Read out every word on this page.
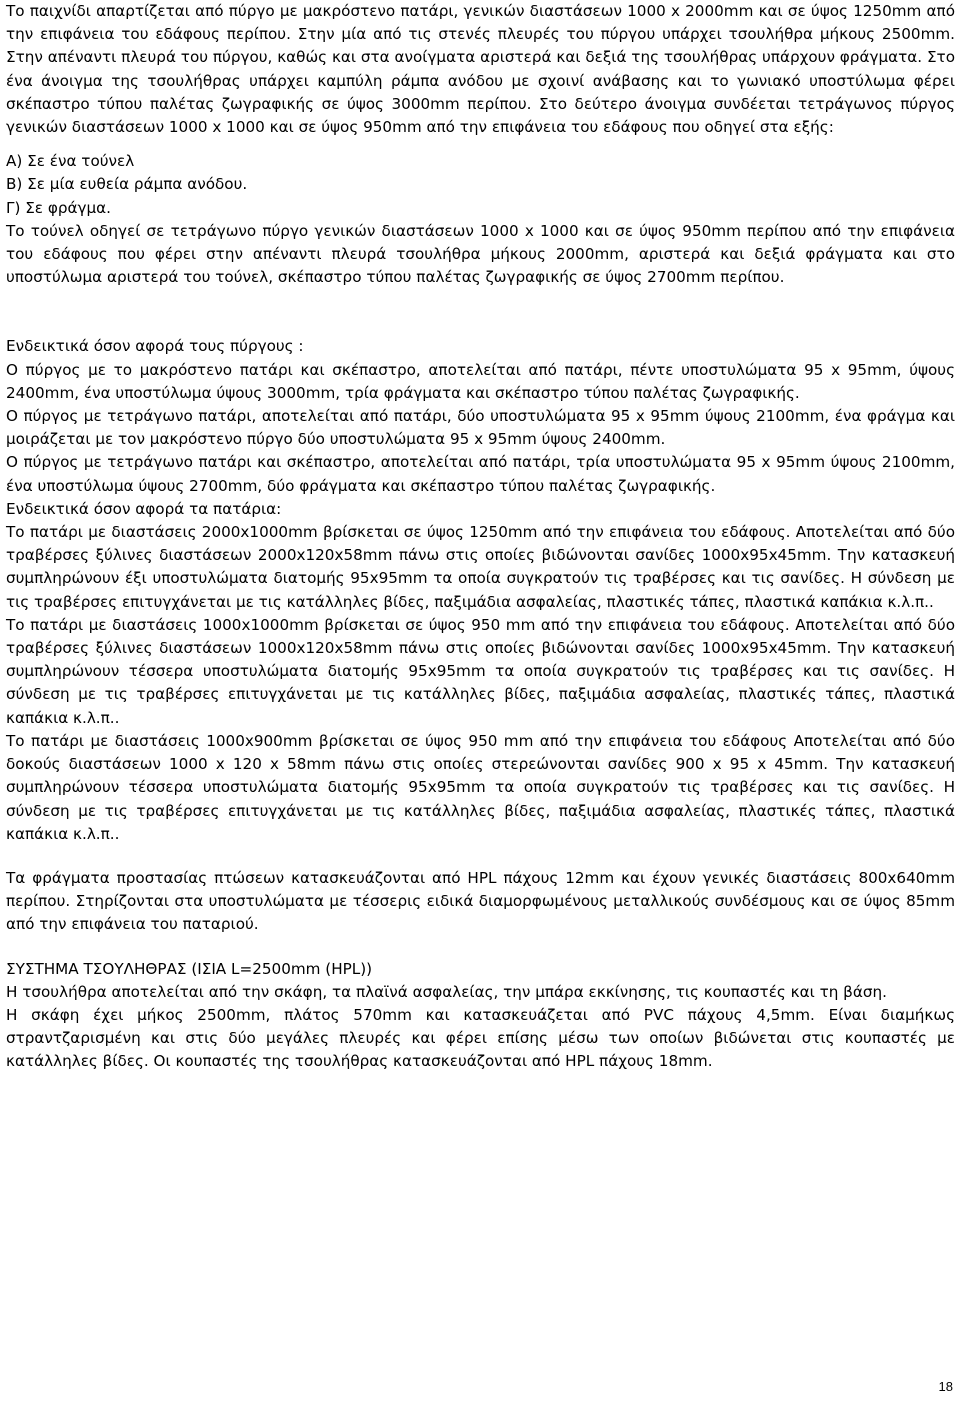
Το παιχνίδι απαρτίζεται από πύργο με μακρόστενο πατάρι, γενικών διαστάσεων 1000 x 2000mm και σε ύψος 1250mm από την επιφάνεια του εδάφους περίπου. Στην μία από τις στενές πλευρές του πύργου υπάρχει τσουλήθρα μήκους 2500mm. Στην απέναντι πλευρά του πύργου, καθώς και στα ανοίγματα αριστερά και δεξιά της τσουλήθρας υπάρχουν φράγματα. Στο ένα άνοιγμα της τσουλήθρας υπάρχει καμπύλη ράμπα ανόδου με σχοινί ανάβασης και το γωνιακό υποστύλωμα φέρει σκέπαστρο τύπου παλέτας ζωγραφικής σε ύψος 3000mm περίπου. Στο δεύτερο άνοιγμα συνδέεται τετράγωνος πύργος γενικών διαστάσεων 1000 x 1000 και σε ύψος 950mm από την επιφάνεια του εδάφους που οδηγεί στα εξής:

Α) Σε ένα τούνελ

Β) Σε μία ευθεία ράμπα ανόδου.

Γ) Σε φράγμα.

Το τούνελ οδηγεί σε τετράγωνο πύργο γενικών διαστάσεων 1000 x 1000 και σε ύψος 950mm περίπου από την επιφάνεια του εδάφους που φέρει στην απέναντι πλευρά τσουλήθρα μήκους 2000mm, αριστερά και δεξιά φράγματα και στο υποστύλωμα αριστερά του τούνελ, σκέπαστρο τύπου παλέτας ζωγραφικής σε ύψος 2700mm περίπου.

Ενδεικτικά όσον αφορά τους πύργους :

Ο πύργος με το μακρόστενο πατάρι και σκέπαστρο, αποτελείται από πατάρι, πέντε υποστυλώματα 95 x 95mm, ύψους 2400mm, ένα υποστύλωμα ύψους 3000mm, τρία φράγματα και σκέπαστρο τύπου παλέτας ζωγραφικής.

Ο πύργος με τετράγωνο πατάρι, αποτελείται από πατάρι, δύο υποστυλώματα 95 x 95mm ύψους 2100mm, ένα φράγμα και μοιράζεται με τον μακρόστενο πύργο δύο υποστυλώματα 95 x 95mm ύψους 2400mm.

Ο πύργος με τετράγωνο πατάρι και σκέπαστρο, αποτελείται από πατάρι, τρία υποστυλώματα 95 x 95mm ύψους 2100mm, ένα υποστύλωμα ύψους 2700mm, δύο φράγματα και σκέπαστρο τύπου παλέτας ζωγραφικής.

Ενδεικτικά όσον αφορά τα πατάρια:

Το πατάρι με διαστάσεις 2000x1000mm βρίσκεται σε ύψος 1250mm από την επιφάνεια του εδάφους. Αποτελείται από δύο τραβέρσες ξύλινες διαστάσεων 2000x120x58mm πάνω στις οποίες βιδώνονται σανίδες 1000x95x45mm. Την κατασκευή συμπληρώνουν έξι υποστυλώματα διατομής 95x95mm τα οποία συγκρατούν τις τραβέρσες και τις σανίδες. Η σύνδεση με τις τραβέρσες επιτυγχάνεται με τις κατάλληλες βίδες, παξιμάδια ασφαλείας, πλαστικές τάπες, πλαστικά καπάκια κ.λ.π..

Το πατάρι με διαστάσεις 1000x1000mm βρίσκεται σε ύψος 950 mm από την επιφάνεια του εδάφους. Αποτελείται από δύο τραβέρσες ξύλινες διαστάσεων 1000x120x58mm πάνω στις οποίες βιδώνονται σανίδες 1000x95x45mm. Την κατασκευή συμπληρώνουν τέσσερα υποστυλώματα διατομής 95x95mm τα οποία συγκρατούν τις τραβέρσες και τις σανίδες. Η σύνδεση με τις τραβέρσες επιτυγχάνεται με τις κατάλληλες βίδες, παξιμάδια ασφαλείας, πλαστικές τάπες, πλαστικά καπάκια κ.λ.π..

Το πατάρι με διαστάσεις 1000x900mm βρίσκεται σε ύψος 950 mm από την επιφάνεια του εδάφους Αποτελείται από δύο δοκούς διαστάσεων 1000 x 120 x 58mm πάνω στις οποίες στερεώνονται σανίδες 900 x 95 x 45mm. Την κατασκευή συμπληρώνουν τέσσερα υποστυλώματα διατομής 95x95mm τα οποία συγκρατούν τις τραβέρσες και τις σανίδες. Η σύνδεση με τις τραβέρσες επιτυγχάνεται με τις κατάλληλες βίδες, παξιμάδια ασφαλείας, πλαστικές τάπες, πλαστικά καπάκια κ.λ.π..

Τα φράγματα προστασίας πτώσεων κατασκευάζονται από HPL πάχους 12mm και έχουν γενικές διαστάσεις 800x640mm περίπου. Στηρίζονται στα υποστυλώματα με τέσσερις ειδικά διαμορφωμένους μεταλλικούς συνδέσμους και σε ύψος 85mm από την επιφάνεια του παταριού.

ΣΥΣΤΗΜΑ ΤΣΟΥΛΗΘΡΑΣ (ΙΣΙΑ L=2500mm (HPL))

Η τσουλήθρα αποτελείται από την σκάφη, τα πλαϊνά ασφαλείας, την μπάρα εκκίνησης, τις κουπαστές και τη βάση.

Η σκάφη έχει μήκος 2500mm, πλάτος 570mm και κατασκευάζεται από PVC πάχους 4,5mm. Είναι διαμήκως στραντζαρισμένη και στις δύο μεγάλες πλευρές και φέρει επίσης μέσω των οποίων βιδώνεται στις κουπαστές με κατάλληλες βίδες. Οι κουπαστές της τσουλήθρας κατασκευάζονται από HPL πάχους 18mm.

18
